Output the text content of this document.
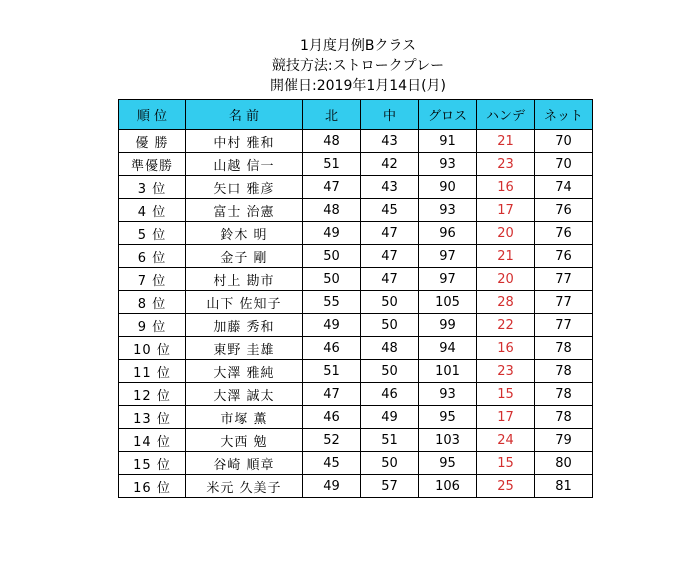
1月度月例Bクラス
競技方法:ストロークプレー
開催日:2019年1月14日(月)
順 位	名 前	北	中	グロス	ハンデ	ネット
優 勝	中村 雅和	48	43	91	21	70
準優勝	山越 信一	51	42	93	23	70
3 位	矢口 雅彦	47	43	90	16	74
4 位	富士 治憲	48	45	93	17	76
5 位	鈴木 明	49	47	96	20	76
6 位	金子 剛	50	47	97	21	76
7 位	村上 勘市	50	47	97	20	77
8 位	山下 佐知子	55	50	105	28	77
9 位	加藤 秀和	49	50	99	22	77
10 位	東野 圭雄	46	48	94	16	78
11 位	大澤 雅純	51	50	101	23	78
12 位	大澤 誠太	47	46	93	15	78
13 位	市塚 薫	46	49	95	17	78
14 位	大西 勉	52	51	103	24	79
15 位	谷崎 順章	45	50	95	15	80
16 位	米元 久美子	49	57	106	25	81
